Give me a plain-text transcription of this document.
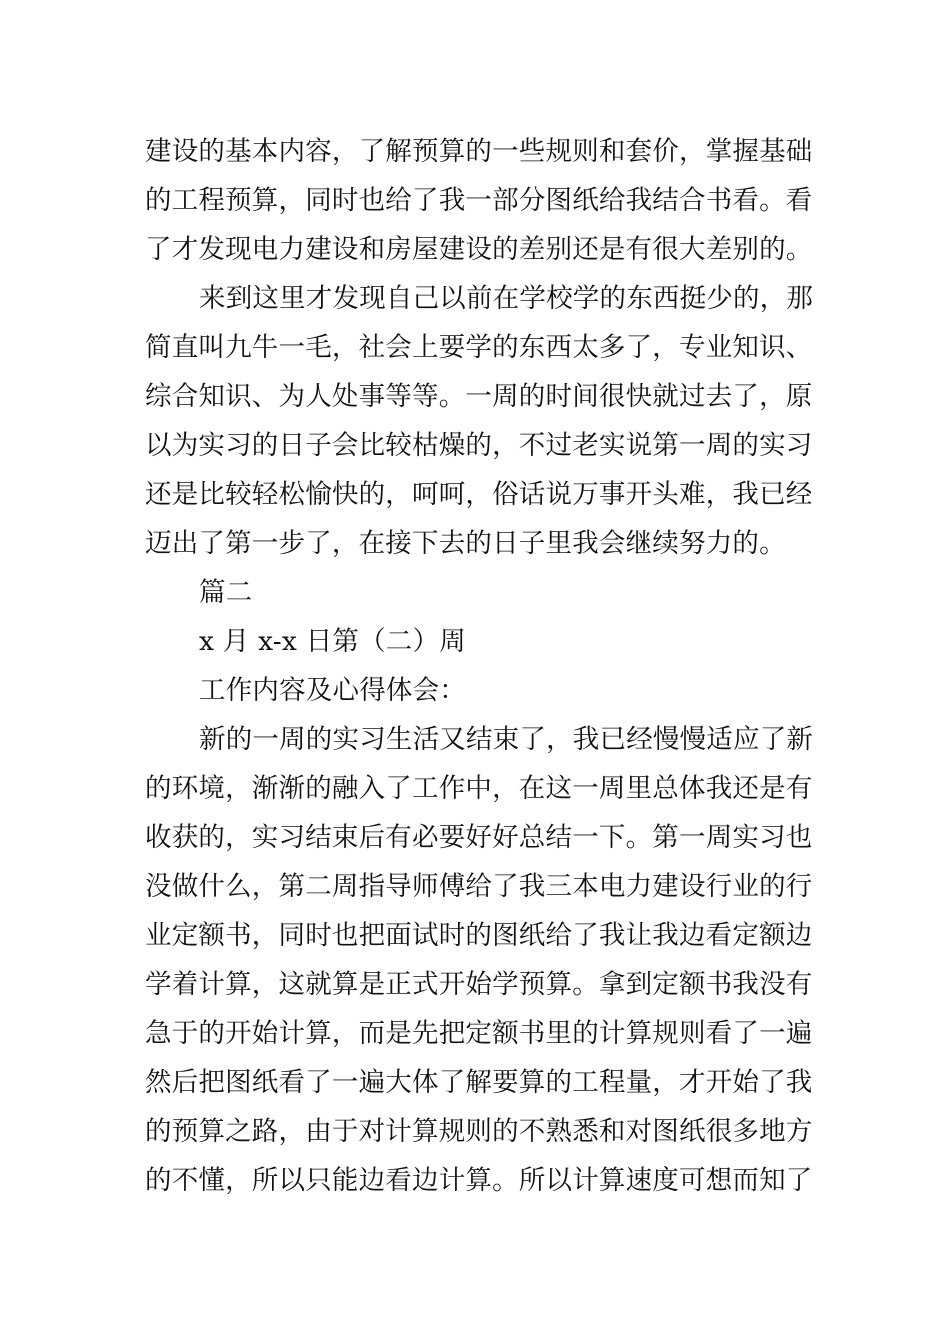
建设的基本内容，了解预算的一些规则和套价，掌握基础
的工程预算，同时也给了我一部分图纸给我结合书看。看
了才发现电力建设和房屋建设的差别还是有很大差别的。
来到这里才发现自己以前在学校学的东西挺少的，那
简直叫九牛一毛，社会上要学的东西太多了，专业知识、
综合知识、为人处事等等。一周的时间很快就过去了，原
以为实习的日子会比较枯燥的，不过老实说第一周的实习
还是比较轻松愉快的，呵呵，俗话说万事开头难，我已经
迈出了第一步了，在接下去的日子里我会继续努力的。
篇二
x 月 x-x 日第（二）周
工作内容及心得体会：
新的一周的实习生活又结束了，我已经慢慢适应了新
的环境，渐渐的融入了工作中，在这一周里总体我还是有
收获的，实习结束后有必要好好总结一下。第一周实习也
没做什么，第二周指导师傅给了我三本电力建设行业的行
业定额书，同时也把面试时的图纸给了我让我边看定额边
学着计算，这就算是正式开始学预算。拿到定额书我没有
急于的开始计算，而是先把定额书里的计算规则看了一遍
然后把图纸看了一遍大体了解要算的工程量，才开始了我
的预算之路，由于对计算规则的不熟悉和对图纸很多地方
的不懂，所以只能边看边计算。所以计算速度可想而知了
